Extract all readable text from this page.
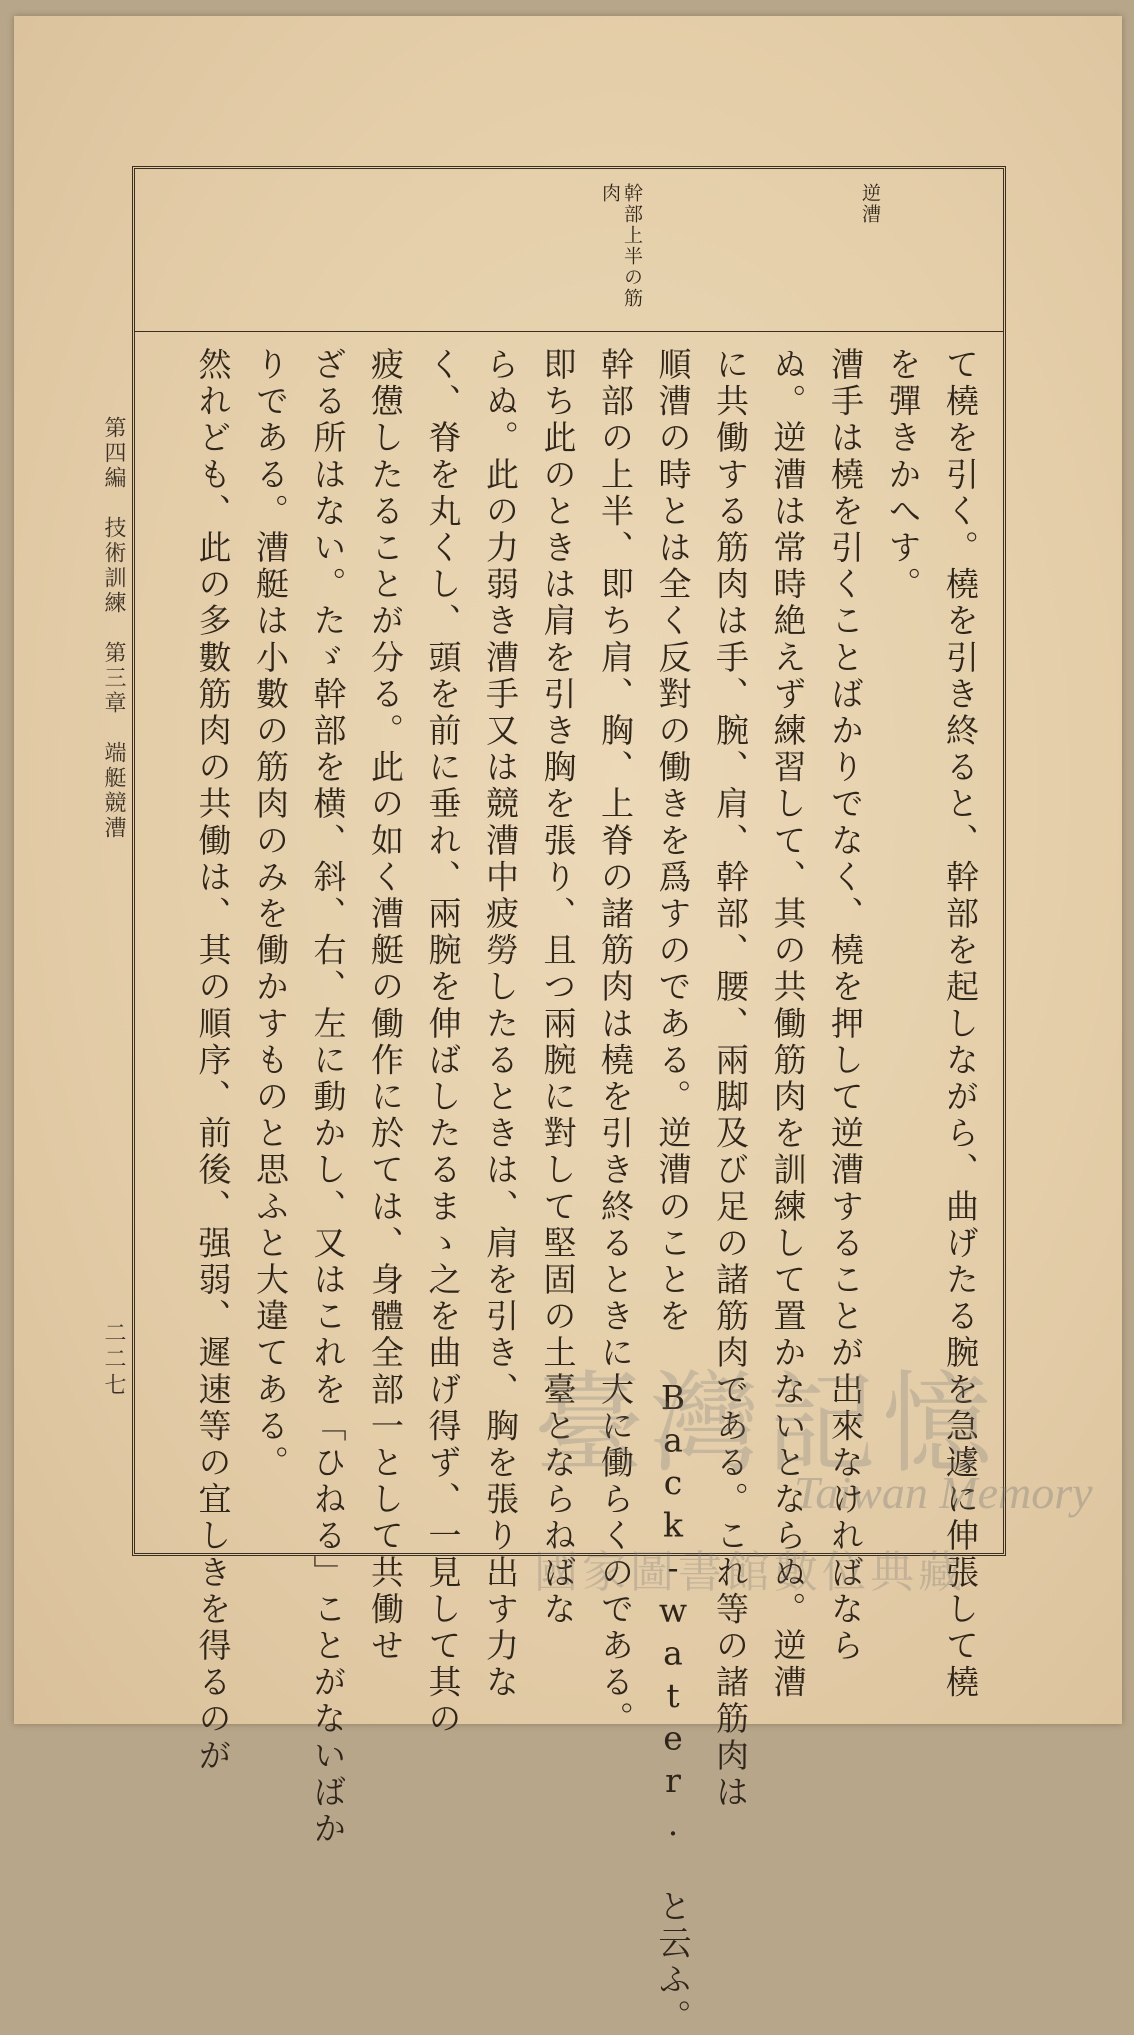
逆漕
幹部上半の筋肉
て橈を引く。橈を引き終ると、幹部を起しながら、曲げたる腕を急遽に伸張して橈
を彈きかへす。
漕手は橈を引くことばかりでなく、橈を押して逆漕することが出來なければなら
ぬ。逆漕は常時絶えず練習して、其の共働筋肉を訓練して置かないとならぬ。逆漕
に共働する筋肉は手、腕、肩、幹部、腰、兩脚及び足の諸筋肉である。これ等の諸筋肉は
順漕の時とは全く反對の働きを爲すのである。逆漕のことを Back-water. と云ふ。
幹部の上半、即ち肩、胸、上脊の諸筋肉は橈を引き終るときに大に働らくのである。
即ち此のときは肩を引き胸を張り、且つ兩腕に對して堅固の土臺とならねばな
らぬ。此の力弱き漕手又は競漕中疲勞したるときは、肩を引き、胸を張り出す力な
く、脊を丸くし、頭を前に垂れ、兩腕を伸ばしたるまゝ之を曲げ得ず、一見して其の
疲憊したることが分る。此の如く漕艇の働作に於ては、身體全部一として共働せ
ざる所はない。たゞ幹部を横、斜、右、左に動かし、又はこれを「ひねる」ことがないばか
りである。漕艇は小數の筋肉のみを働かすものと思ふと大違てある。
然れども、此の多數筋肉の共働は、其の順序、前後、强弱、遲速等の宜しきを得るのが
第四編　技術訓練　第三章　端艇競漕
二二七	臺灣記憶
Taiwan Memory
國家圖書館數位典藏
